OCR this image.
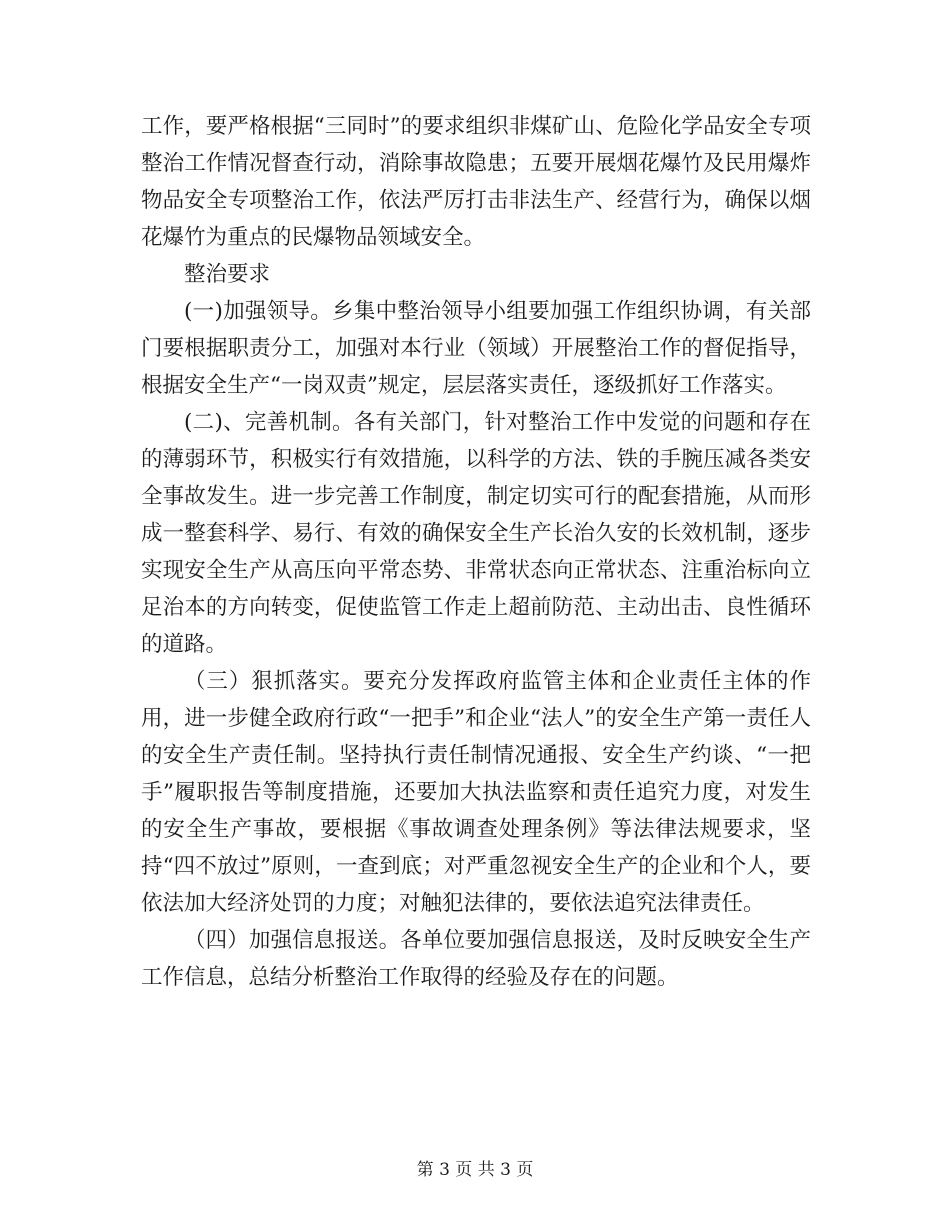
工作，要严格根据“三同时”的要求组织非煤矿山、危险化学品安全专项整治工作情况督查行动，消除事故隐患；五要开展烟花爆竹及民用爆炸物品安全专项整治工作，依法严厉打击非法生产、经营行为，确保以烟花爆竹为重点的民爆物品领域安全。

整治要求

(一)加强领导。乡集中整治领导小组要加强工作组织协调，有关部门要根据职责分工，加强对本行业（领域）开展整治工作的督促指导，根据安全生产“一岗双责”规定，层层落实责任，逐级抓好工作落实。

(二)、完善机制。各有关部门，针对整治工作中发觉的问题和存在的薄弱环节，积极实行有效措施，以科学的方法、铁的手腕压减各类安全事故发生。进一步完善工作制度，制定切实可行的配套措施，从而形成一整套科学、易行、有效的确保安全生产长治久安的长效机制，逐步实现安全生产从高压向平常态势、非常状态向正常状态、注重治标向立足治本的方向转变，促使监管工作走上超前防范、主动出击、良性循环的道路。

（三）狠抓落实。要充分发挥政府监管主体和企业责任主体的作用，进一步健全政府行政“一把手”和企业“法人”的安全生产第一责任人的安全生产责任制。坚持执行责任制情况通报、安全生产约谈、“一把手”履职报告等制度措施，还要加大执法监察和责任追究力度，对发生的安全生产事故，要根据《事故调查处理条例》等法律法规要求，坚持“四不放过”原则，一查到底；对严重忽视安全生产的企业和个人，要依法加大经济处罚的力度；对触犯法律的，要依法追究法律责任。

（四）加强信息报送。各单位要加强信息报送，及时反映安全生产工作信息，总结分析整治工作取得的经验及存在的问题。

第 3 页 共 3 页
